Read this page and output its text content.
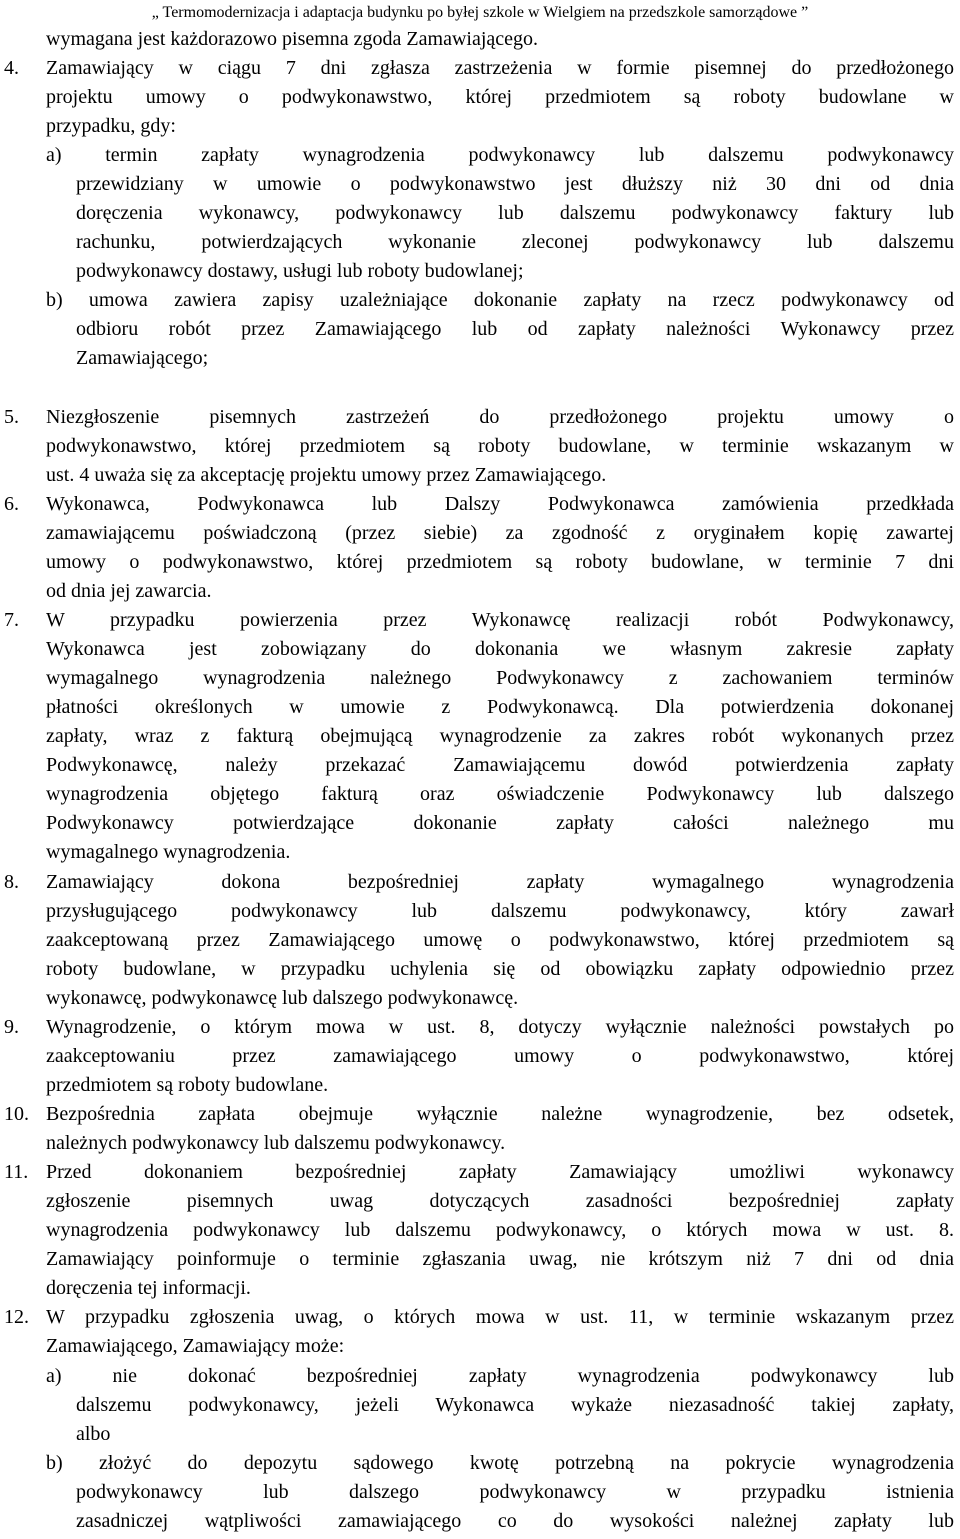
„ Termomodernizacja i adaptacja budynku po byłej szkole w Wielgiem na przedszkole samorządowe ”
4.
5.
6.
7.
8.
9.
10.
11.
12.
wymagana jest każdorazowo pisemna zgoda Zamawiającego.
Zamawiający w ciągu 7 dni zgłasza zastrzeżenia w formie pisemnej do przedłożonego
projektu umowy o podwykonawstwo, której przedmiotem są roboty budowlane w
przypadku, gdy:
a) termin zapłaty wynagrodzenia podwykonawcy lub dalszemu podwykonawcy
przewidziany w umowie o podwykonawstwo jest dłuższy niż 30 dni od dnia
doręczenia wykonawcy, podwykonawcy lub dalszemu podwykonawcy faktury lub
rachunku, potwierdzających wykonanie zleconej podwykonawcy lub dalszemu
podwykonawcy dostawy, usługi lub roboty budowlanej;
b) umowa zawiera zapisy uzależniające dokonanie zapłaty na rzecz podwykonawcy od
odbioru robót przez Zamawiającego lub od zapłaty należności Wykonawcy przez
Zamawiającego;
Niezgłoszenie pisemnych zastrzeżeń do przedłożonego projektu umowy o
podwykonawstwo, której przedmiotem są roboty budowlane, w terminie wskazanym w
ust. 4 uważa się za akceptację projektu umowy przez Zamawiającego.
Wykonawca, Podwykonawca lub Dalszy Podwykonawca zamówienia przedkłada
zamawiającemu poświadczoną (przez siebie) za zgodność z oryginałem kopię zawartej
umowy o podwykonawstwo, której przedmiotem są roboty budowlane, w terminie 7 dni
od dnia jej zawarcia.
W przypadku powierzenia przez Wykonawcę realizacji robót Podwykonawcy,
Wykonawca jest zobowiązany do dokonania we własnym zakresie zapłaty
wymagalnego wynagrodzenia należnego Podwykonawcy z zachowaniem terminów
płatności określonych w umowie z Podwykonawcą. Dla potwierdzenia dokonanej
zapłaty, wraz z fakturą obejmującą wynagrodzenie za zakres robót wykonanych przez
Podwykonawcę, należy przekazać Zamawiającemu dowód potwierdzenia zapłaty
wynagrodzenia objętego fakturą oraz oświadczenie Podwykonawcy lub dalszego
Podwykonawcy potwierdzające dokonanie zapłaty całości należnego mu
wymagalnego wynagrodzenia.
Zamawiający dokona bezpośredniej zapłaty wymagalnego wynagrodzenia
przysługującego podwykonawcy lub dalszemu podwykonawcy, który zawarł
zaakceptowaną przez Zamawiającego umowę o podwykonawstwo, której przedmiotem są
roboty budowlane, w przypadku uchylenia się od obowiązku zapłaty odpowiednio przez
wykonawcę, podwykonawcę lub dalszego podwykonawcę.
Wynagrodzenie, o którym mowa w ust. 8, dotyczy wyłącznie należności powstałych po
zaakceptowaniu przez zamawiającego umowy o podwykonawstwo, której
przedmiotem są roboty budowlane.
Bezpośrednia zapłata obejmuje wyłącznie należne wynagrodzenie, bez odsetek,
należnych podwykonawcy lub dalszemu podwykonawcy.
Przed dokonaniem bezpośredniej zapłaty Zamawiający umożliwi wykonawcy
zgłoszenie pisemnych uwag dotyczących zasadności bezpośredniej zapłaty
wynagrodzenia podwykonawcy lub dalszemu podwykonawcy, o których mowa w ust. 8.
Zamawiający poinformuje o terminie zgłaszania uwag, nie krótszym niż 7 dni od dnia
doręczenia tej informacji.
W przypadku zgłoszenia uwag, o których mowa w ust. 11, w terminie wskazanym przez
Zamawiającego, Zamawiający może:
a) nie dokonać bezpośredniej zapłaty wynagrodzenia podwykonawcy lub
dalszemu podwykonawcy, jeżeli Wykonawca wykaże niezasadność takiej zapłaty,
albo
b) złożyć do depozytu sądowego kwotę potrzebną na pokrycie wynagrodzenia
podwykonawcy lub dalszego podwykonawcy w przypadku istnienia
zasadniczej wątpliwości zamawiającego co do wysokości należnej zapłaty lub
